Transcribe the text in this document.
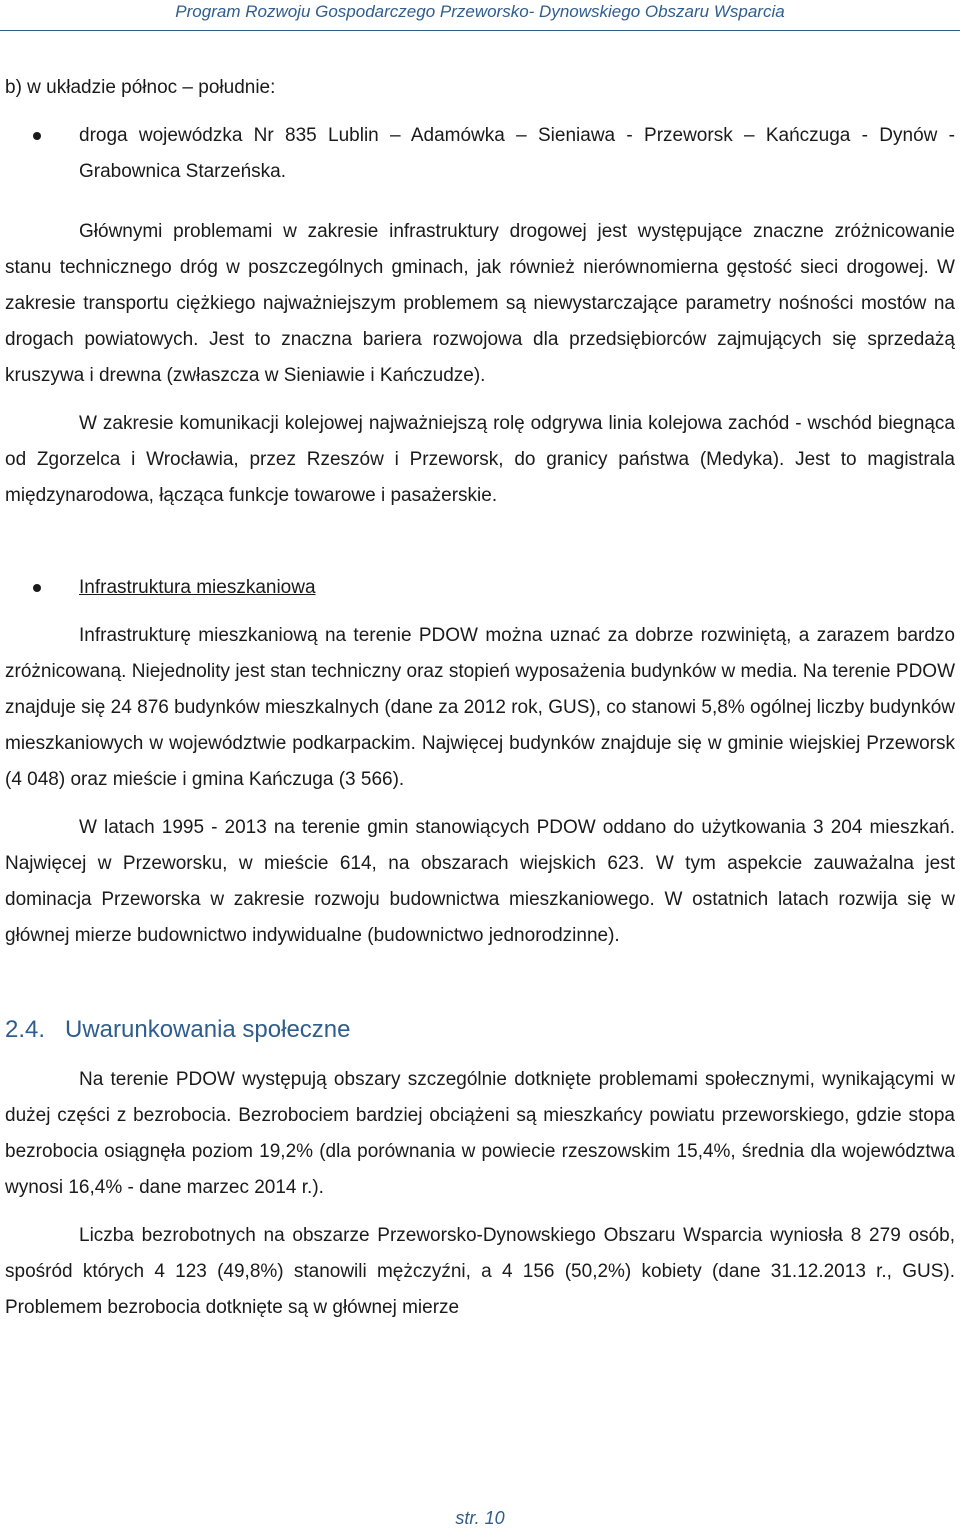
Program Rozwoju Gospodarczego Przeworsko- Dynowskiego Obszaru Wsparcia

b) w układzie północ – południe:

droga wojewódzka Nr 835 Lublin – Adamówka – Sieniawa - Przeworsk – Kańczuga - Dynów - Grabownica Starzeńska.

Głównymi problemami w zakresie infrastruktury drogowej jest występujące znaczne zróżnicowanie stanu technicznego dróg w poszczególnych gminach, jak również nierównomierna gęstość sieci drogowej. W zakresie transportu ciężkiego najważniejszym problemem są niewystarczające parametry nośności mostów na drogach powiatowych. Jest to znaczna bariera rozwojowa dla przedsiębiorców zajmujących się sprzedażą kruszywa i drewna (zwłaszcza w Sieniawie i Kańczudze).

W zakresie komunikacji kolejowej najważniejszą rolę odgrywa linia kolejowa zachód - wschód biegnąca od Zgorzelca i Wrocławia, przez Rzeszów i Przeworsk, do granicy państwa (Medyka). Jest to magistrala międzynarodowa, łącząca funkcje towarowe i pasażerskie.

Infrastruktura mieszkaniowa

Infrastrukturę mieszkaniową na terenie PDOW można uznać za dobrze rozwiniętą, a zarazem bardzo zróżnicowaną. Niejednolity jest stan techniczny oraz stopień wyposażenia budynków w media. Na terenie PDOW znajduje się 24 876 budynków mieszkalnych (dane za 2012 rok, GUS), co stanowi 5,8% ogólnej liczby budynków mieszkaniowych w województwie podkarpackim. Najwięcej budynków znajduje się w gminie wiejskiej Przeworsk (4 048) oraz mieście i gmina Kańczuga (3 566).

W latach 1995 - 2013 na terenie gmin stanowiących PDOW oddano do użytkowania 3 204 mieszkań. Najwięcej w Przeworsku, w mieście 614, na obszarach wiejskich 623. W tym aspekcie zauważalna jest dominacja Przeworska w zakresie rozwoju budownictwa mieszkaniowego. W ostatnich latach rozwija się w głównej mierze budownictwo indywidualne (budownictwo jednorodzinne).

2.4. Uwarunkowania społeczne

Na terenie PDOW występują obszary szczególnie dotknięte problemami społecznymi, wynikającymi w dużej części z bezrobocia. Bezrobociem bardziej obciążeni są mieszkańcy powiatu przeworskiego, gdzie stopa bezrobocia osiągnęła poziom 19,2% (dla porównania w powiecie rzeszowskim 15,4%, średnia dla województwa wynosi 16,4% - dane marzec 2014 r.).

Liczba bezrobotnych na obszarze Przeworsko-Dynowskiego Obszaru Wsparcia wyniosła 8 279 osób, spośród których 4 123 (49,8%) stanowili mężczyźni, a 4 156 (50,2%) kobiety (dane 31.12.2013 r., GUS). Problemem bezrobocia dotknięte są w głównej mierze

str. 10
